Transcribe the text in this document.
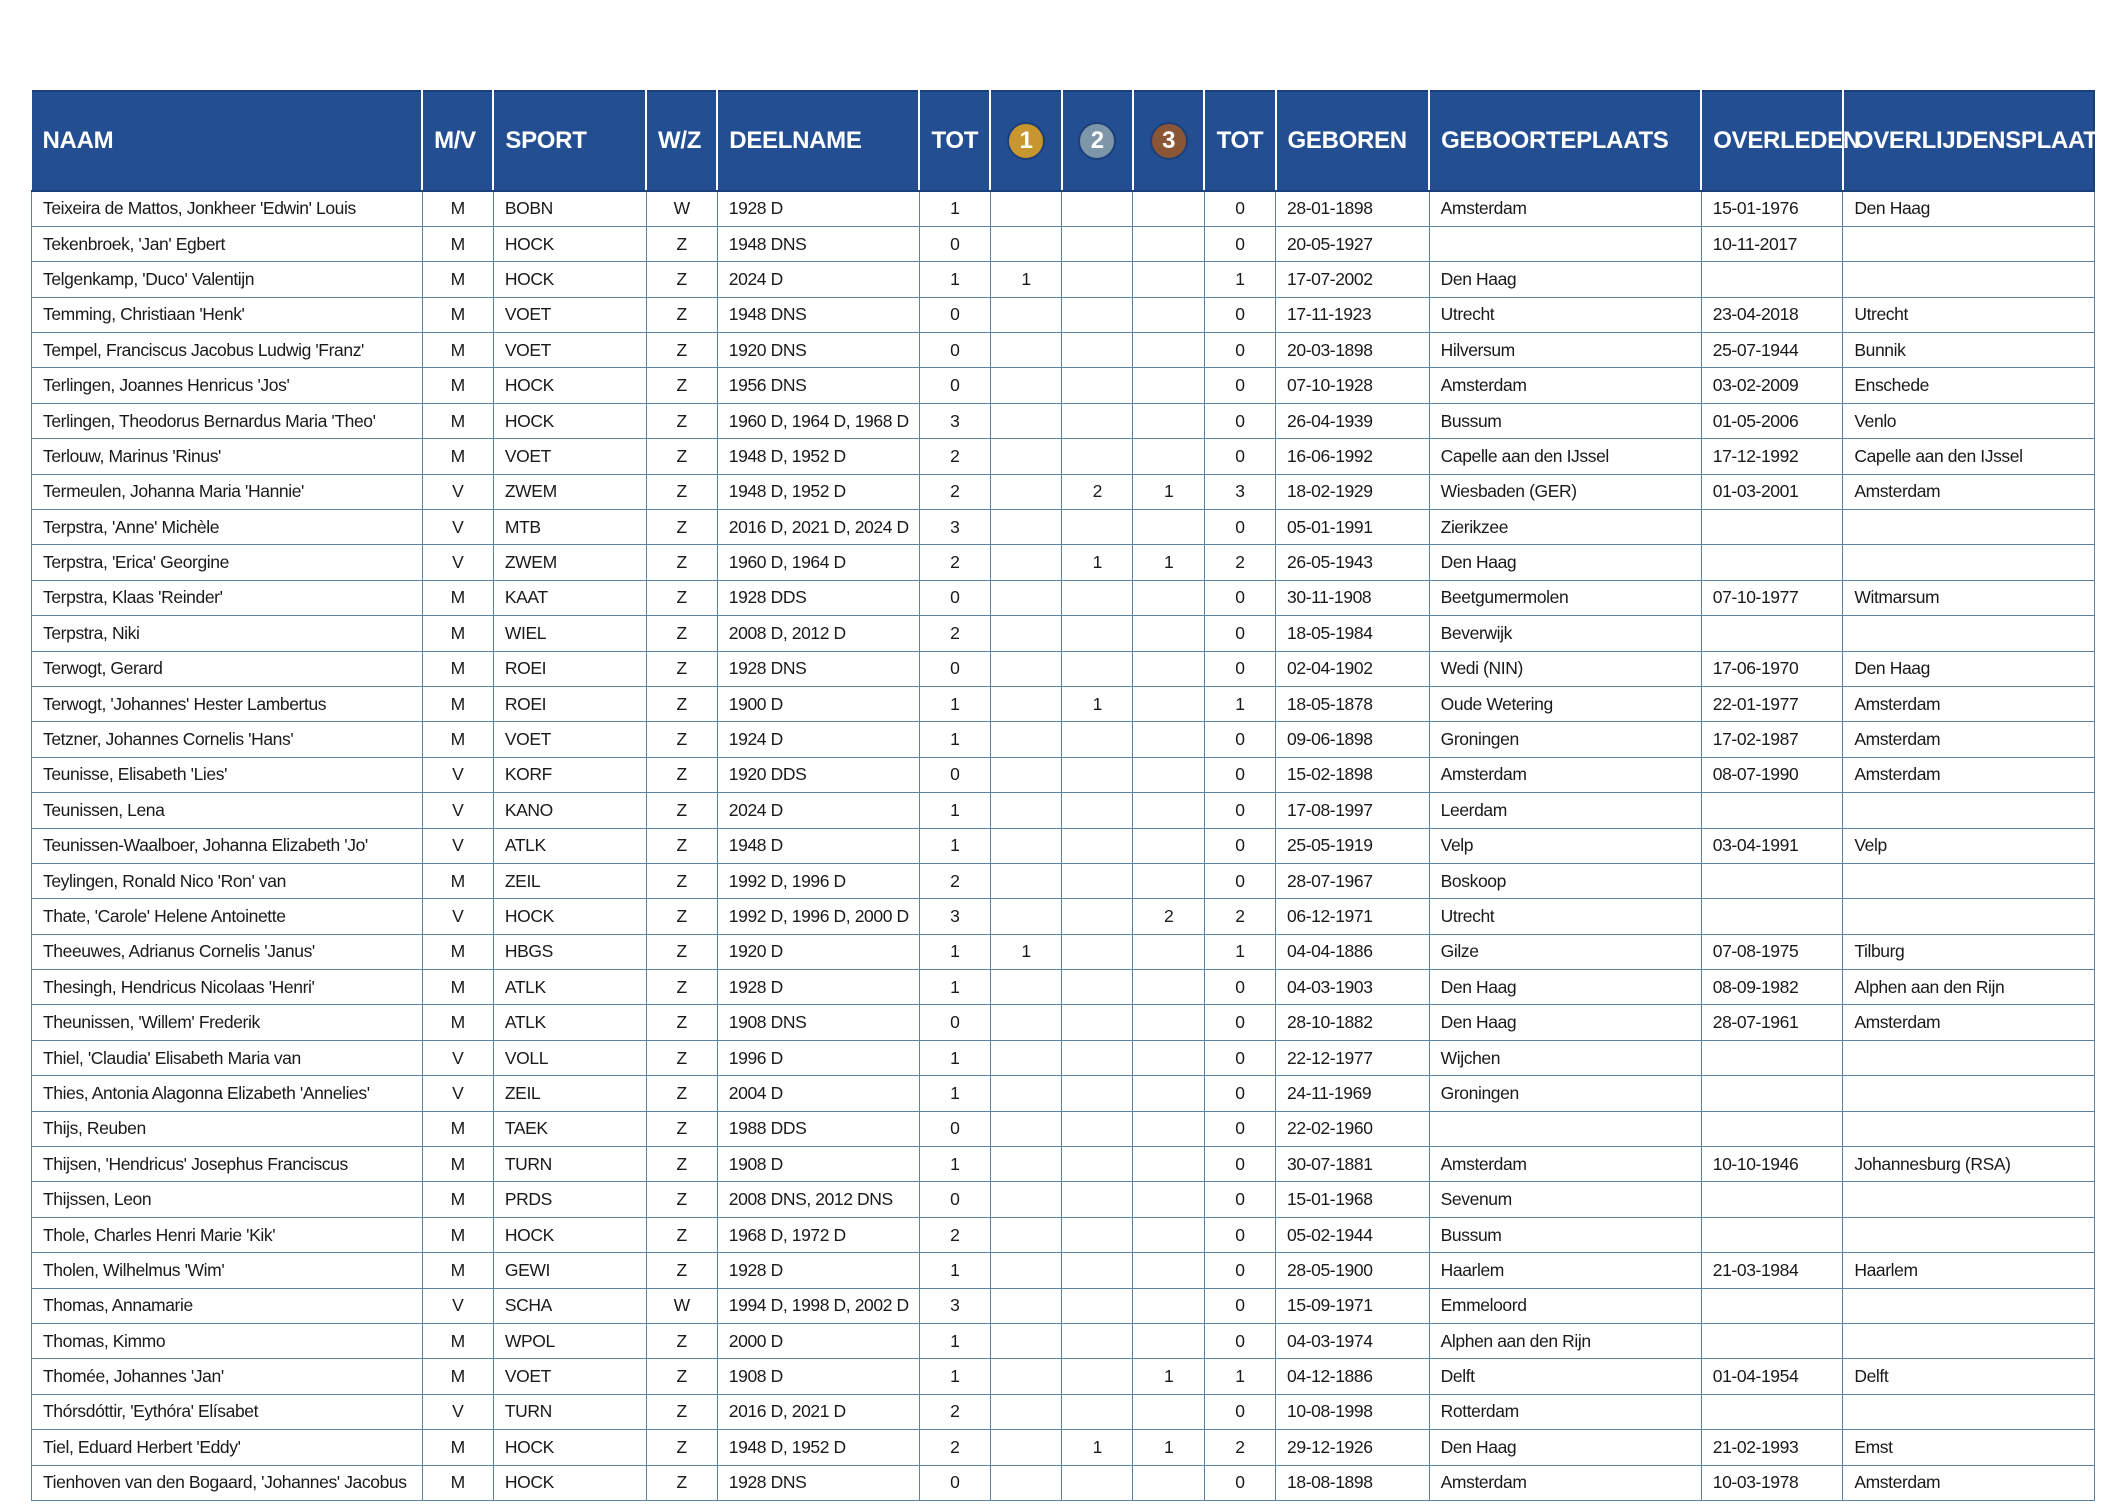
NAAM	M/V	SPORT	W/Z	DEELNAME	TOT	1	2	3	TOT	GEBOREN	GEBOORTEPLAATS	OVERLEDEN	OVERLIJDENSPLAATS
Teixeira de Mattos, Jonkheer 'Edwin' Louis	M	BOBN	W	1928 D	1				0	28-01-1898	Amsterdam	15-01-1976	Den Haag
Tekenbroek, 'Jan' Egbert	M	HOCK	Z	1948 DNS	0				0	20-05-1927		10-11-2017	
Telgenkamp, 'Duco' Valentijn	M	HOCK	Z	2024 D	1	1			1	17-07-2002	Den Haag		
Temming, Christiaan 'Henk'	M	VOET	Z	1948 DNS	0				0	17-11-1923	Utrecht	23-04-2018	Utrecht
Tempel, Franciscus Jacobus Ludwig 'Franz'	M	VOET	Z	1920 DNS	0				0	20-03-1898	Hilversum	25-07-1944	Bunnik
Terlingen, Joannes Henricus 'Jos'	M	HOCK	Z	1956 DNS	0				0	07-10-1928	Amsterdam	03-02-2009	Enschede
Terlingen, Theodorus Bernardus Maria 'Theo'	M	HOCK	Z	1960 D, 1964 D, 1968 D	3				0	26-04-1939	Bussum	01-05-2006	Venlo
Terlouw, Marinus 'Rinus'	M	VOET	Z	1948 D, 1952 D	2				0	16-06-1992	Capelle aan den IJssel	17-12-1992	Capelle aan den IJssel
Termeulen, Johanna Maria 'Hannie'	V	ZWEM	Z	1948 D, 1952 D	2		2	1	3	18-02-1929	Wiesbaden (GER)	01-03-2001	Amsterdam
Terpstra, 'Anne' Michèle	V	MTB	Z	2016 D, 2021 D, 2024 D	3				0	05-01-1991	Zierikzee		
Terpstra, 'Erica' Georgine	V	ZWEM	Z	1960 D, 1964 D	2		1	1	2	26-05-1943	Den Haag		
Terpstra, Klaas 'Reinder'	M	KAAT	Z	1928 DDS	0				0	30-11-1908	Beetgumermolen	07-10-1977	Witmarsum
Terpstra, Niki	M	WIEL	Z	2008 D, 2012 D	2				0	18-05-1984	Beverwijk		
Terwogt, Gerard	M	ROEI	Z	1928 DNS	0				0	02-04-1902	Wedi (NIN)	17-06-1970	Den Haag
Terwogt, 'Johannes' Hester Lambertus	M	ROEI	Z	1900 D	1		1		1	18-05-1878	Oude Wetering	22-01-1977	Amsterdam
Tetzner, Johannes Cornelis 'Hans'	M	VOET	Z	1924 D	1				0	09-06-1898	Groningen	17-02-1987	Amsterdam
Teunisse, Elisabeth 'Lies'	V	KORF	Z	1920 DDS	0				0	15-02-1898	Amsterdam	08-07-1990	Amsterdam
Teunissen, Lena	V	KANO	Z	2024 D	1				0	17-08-1997	Leerdam		
Teunissen-Waalboer, Johanna Elizabeth 'Jo'	V	ATLK	Z	1948 D	1				0	25-05-1919	Velp	03-04-1991	Velp
Teylingen, Ronald Nico 'Ron' van	M	ZEIL	Z	1992 D, 1996 D	2				0	28-07-1967	Boskoop		
Thate, 'Carole' Helene Antoinette	V	HOCK	Z	1992 D, 1996 D, 2000 D	3			2	2	06-12-1971	Utrecht		
Theeuwes, Adrianus Cornelis 'Janus'	M	HBGS	Z	1920 D	1	1			1	04-04-1886	Gilze	07-08-1975	Tilburg
Thesingh, Hendricus Nicolaas 'Henri'	M	ATLK	Z	1928 D	1				0	04-03-1903	Den Haag	08-09-1982	Alphen aan den Rijn
Theunissen, 'Willem' Frederik	M	ATLK	Z	1908 DNS	0				0	28-10-1882	Den Haag	28-07-1961	Amsterdam
Thiel, 'Claudia' Elisabeth Maria van	V	VOLL	Z	1996 D	1				0	22-12-1977	Wijchen		
Thies, Antonia Alagonna Elizabeth 'Annelies'	V	ZEIL	Z	2004 D	1				0	24-11-1969	Groningen		
Thijs, Reuben	M	TAEK	Z	1988 DDS	0				0	22-02-1960			
Thijsen, 'Hendricus' Josephus Franciscus	M	TURN	Z	1908 D	1				0	30-07-1881	Amsterdam	10-10-1946	Johannesburg (RSA)
Thijssen, Leon	M	PRDS	Z	2008 DNS, 2012 DNS	0				0	15-01-1968	Sevenum		
Thole, Charles Henri Marie 'Kik'	M	HOCK	Z	1968 D, 1972 D	2				0	05-02-1944	Bussum		
Tholen, Wilhelmus 'Wim'	M	GEWI	Z	1928 D	1				0	28-05-1900	Haarlem	21-03-1984	Haarlem
Thomas, Annamarie	V	SCHA	W	1994 D, 1998 D, 2002 D	3				0	15-09-1971	Emmeloord		
Thomas, Kimmo	M	WPOL	Z	2000 D	1				0	04-03-1974	Alphen aan den Rijn		
Thomée, Johannes 'Jan'	M	VOET	Z	1908 D	1			1	1	04-12-1886	Delft	01-04-1954	Delft
Thórsdóttir, 'Eythóra' Elísabet	V	TURN	Z	2016 D, 2021 D	2				0	10-08-1998	Rotterdam		
Tiel, Eduard Herbert 'Eddy'	M	HOCK	Z	1948 D, 1952 D	2		1	1	2	29-12-1926	Den Haag	21-02-1993	Emst
Tienhoven van den Bogaard, 'Johannes' Jacobus	M	HOCK	Z	1928 DNS	0				0	18-08-1898	Amsterdam	10-03-1978	Amsterdam
